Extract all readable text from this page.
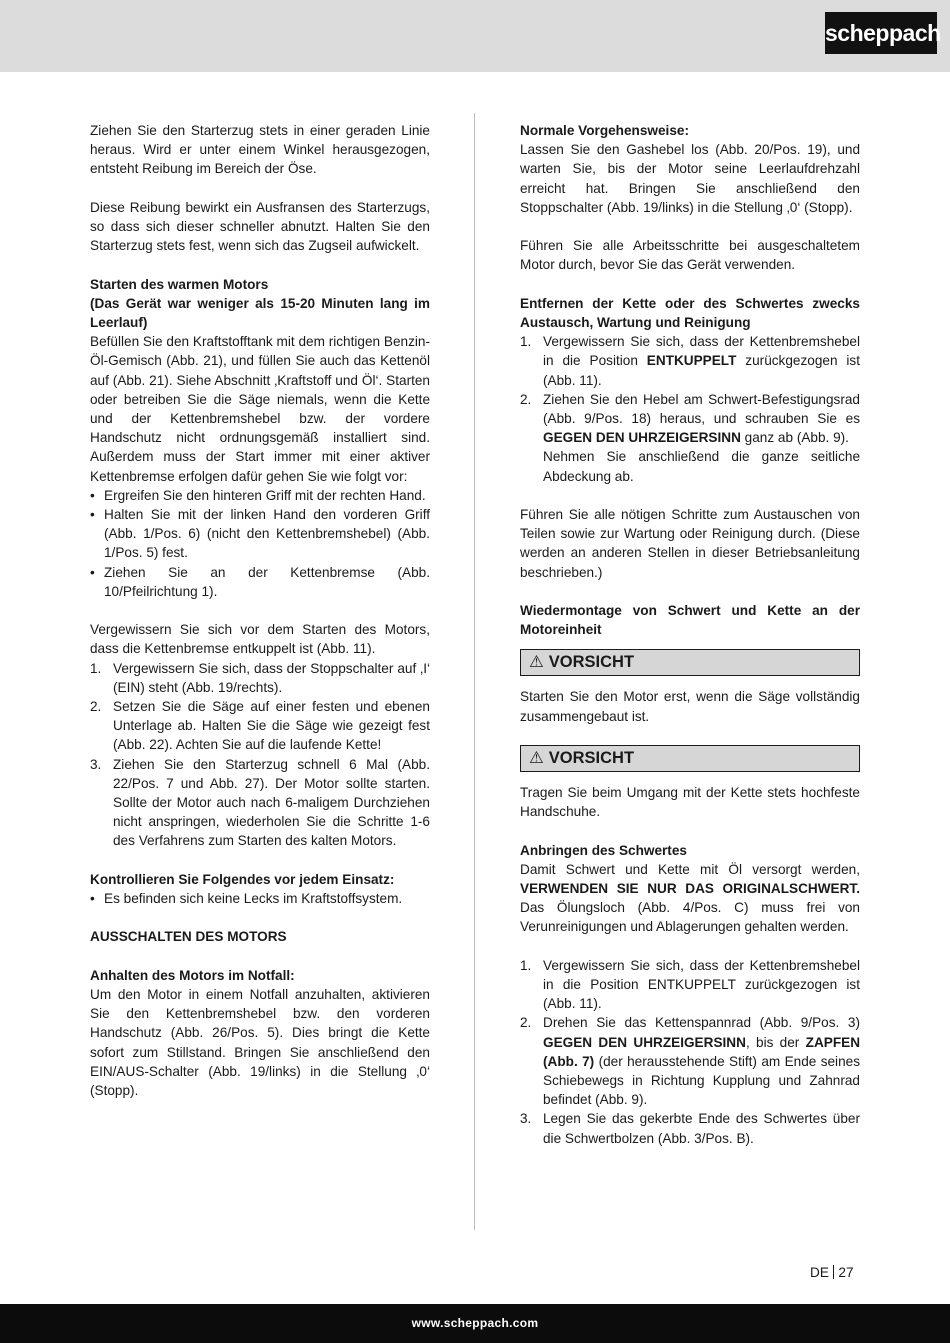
scheppach

Ziehen Sie den Starterzug stets in einer geraden Linie heraus. Wird er unter einem Winkel herausgezogen, entsteht Reibung im Bereich der Öse.

Diese Reibung bewirkt ein Ausfransen des Starterzugs, so dass sich dieser schneller abnutzt. Halten Sie den Starterzug stets fest, wenn sich das Zugseil aufwickelt.

Starten des warmen Motors
(Das Gerät war weniger als 15-20 Minuten lang im Leerlauf)

Befüllen Sie den Kraftstofftank mit dem richtigen Benzin-Öl-Gemisch (Abb. 21), und füllen Sie auch das Kettenöl auf (Abb. 21). Siehe Abschnitt ‚Kraftstoff und Öl‘. Starten oder betreiben Sie die Säge niemals, wenn die Kette und der Kettenbremshebel bzw. der vordere Handschutz nicht ordnungsgemäß installiert sind. Außerdem muss der Start immer mit einer aktiver Kettenbremse erfolgen dafür gehen Sie wie folgt vor:

• Ergreifen Sie den hinteren Griff mit der rechten Hand.
• Halten Sie mit der linken Hand den vorderen Griff (Abb. 1/Pos. 6) (nicht den Kettenbremshebel) (Abb. 1/Pos. 5) fest.
• Ziehen Sie an der Kettenbremse (Abb. 10/Pfeilrichtung 1).

Vergewissern Sie sich vor dem Starten des Motors, dass die Kettenbremse entkuppelt ist (Abb. 11).

1. Vergewissern Sie sich, dass der Stoppschalter auf ‚I‘ (EIN) steht (Abb. 19/rechts).
2. Setzen Sie die Säge auf einer festen und ebenen Unterlage ab. Halten Sie die Säge wie gezeigt fest (Abb. 22). Achten Sie auf die laufende Kette!
3. Ziehen Sie den Starterzug schnell 6 Mal (Abb. 22/Pos. 7 und Abb. 27). Der Motor sollte starten. Sollte der Motor auch nach 6-maligem Durchziehen nicht anspringen, wiederholen Sie die Schritte 1-6 des Verfahrens zum Starten des kalten Motors.
Kontrollieren Sie Folgendes vor jedem Einsatz:
• Es befinden sich keine Lecks im Kraftstoffsystem.

AUSSCHALTEN DES MOTORS

Anhalten des Motors im Notfall:

Um den Motor in einem Notfall anzuhalten, aktivieren Sie den Kettenbremshebel bzw. den vorderen Handschutz (Abb. 26/Pos. 5). Dies bringt die Kette sofort zum Stillstand. Bringen Sie anschließend den EIN/AUS-Schalter (Abb. 19/links) in die Stellung ‚0‘ (Stopp).

Normale Vorgehensweise:

Lassen Sie den Gashebel los (Abb. 20/Pos. 19), und warten Sie, bis der Motor seine Leerlaufdrehzahl erreicht hat. Bringen Sie anschließend den Stoppschalter (Abb. 19/links) in die Stellung ‚0‘ (Stopp).

Führen Sie alle Arbeitsschritte bei ausgeschaltetem Motor durch, bevor Sie das Gerät verwenden.

Entfernen der Kette oder des Schwertes zwecks Austausch, Wartung und Reinigung
1. Vergewissern Sie sich, dass der Kettenbremshebel in die Position ENTKUPPELT zurückgezogen ist (Abb. 11).
2. Ziehen Sie den Hebel am Schwert-Befestigungsrad (Abb. 9/Pos. 18) heraus, und schrauben Sie es GEGEN DEN UHRZEIGERSINN ganz ab (Abb. 9).
Nehmen Sie anschließend die ganze seitliche Abdeckung ab.

Führen Sie alle nötigen Schritte zum Austauschen von Teilen sowie zur Wartung oder Reinigung durch. (Diese werden an anderen Stellen in dieser Betriebsanleitung beschrieben.)

Wiedermontage von Schwert und Kette an der Motoreinheit

⚠ VORSICHT

Starten Sie den Motor erst, wenn die Säge vollständig zusammengebaut ist.

⚠ VORSICHT

Tragen Sie beim Umgang mit der Kette stets hochfeste Handschuhe.

Anbringen des Schwertes

Damit Schwert und Kette mit Öl versorgt werden, VERWENDEN SIE NUR DAS ORIGINALSCHWERT. Das Ölungsloch (Abb. 4/Pos. C) muss frei von Verunreinigungen und Ablagerungen gehalten werden.

1. Vergewissern Sie sich, dass der Kettenbremshebel in die Position ENTKUPPELT zurückgezogen ist (Abb. 11).
2. Drehen Sie das Kettenspannrad (Abb. 9/Pos. 3) GEGEN DEN UHRZEIGERSINN, bis der ZAPFEN (Abb. 7) (der herausstehende Stift) am Ende seines Schiebewegs in Richtung Kupplung und Zahnrad befindet (Abb. 9).
3. Legen Sie das gekerbte Ende des Schwertes über die Schwertbolzen (Abb. 3/Pos. B).
DE 27
www.scheppach.com
